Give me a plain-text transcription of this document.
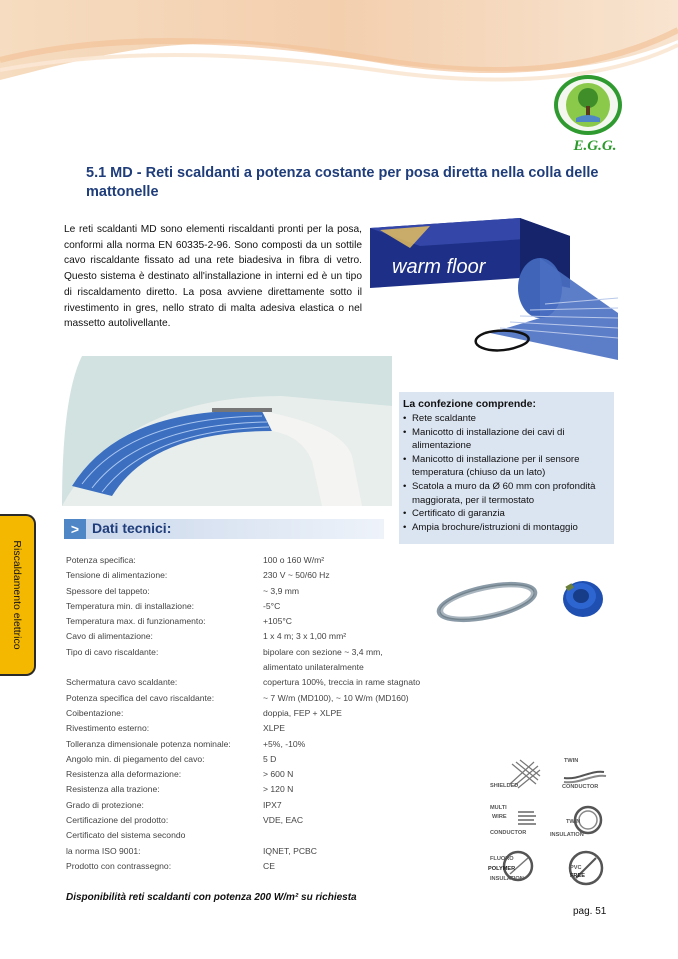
E.G.G.
5.1 MD - Reti scaldanti a potenza costante per posa diretta nella colla delle mattonelle
Le reti scaldanti MD sono elementi riscaldanti pronti per la posa, conformi alla norma EN 60335-2-96. Sono composti da un sottile cavo riscaldante fissato ad una rete biadesiva in fibra di vetro. Questo sistema è destinato all'installazione in interni ed è un tipo di riscaldamento diretto. La posa avviene direttamente sotto il rivestimento in gres, nello strato di malta adesiva elastica o nel massetto autolivellante.
warm floor
La confezione comprende:
• Rete scaldante
• Manicotto di installazione dei cavi di alimentazione
• Manicotto di installazione per il sensore temperatura (chiuso da un lato)
• Scatola a muro da Ø 60 mm con profondità maggiorata, per il termostato
• Certificato di garanzia
• Ampia brochure/istruzioni di montaggio
Riscaldamento elettrico
> Dati tecnici:
Potenza specifica:	100 o 160 W/m²
Tensione di alimentazione:	230 V ~ 50/60 Hz
Spessore del tappeto:	~ 3,9 mm
Temperatura min. di installazione:	-5°C
Temperatura max. di funzionamento:	+105°C
Cavo di alimentazione:	1 x 4 m; 3 x 1,00 mm²
Tipo di cavo riscaldante:	bipolare con sezione ~ 3,4 mm,
alimentato unilateralmente
Schermatura cavo scaldante:	copertura 100%, treccia in rame stagnato
Potenza specifica del cavo riscaldante:	~ 7 W/m (MD100), ~ 10 W/m (MD160)
Coibentazione:	doppia, FEP + XLPE
Rivestimento esterno:	XLPE
Tolleranza dimensionale potenza nominale:	+5%, -10%
Angolo min. di piegamento del cavo:	5 D
Resistenza alla deformazione:	> 600 N
Resistenza alla trazione:	> 120 N
Grado di protezione:	IPX7
Certificazione del prodotto:	VDE, EAC
Certificato del sistema secondo
la norma ISO 9001:	IQNET, PCBC
Prodotto con contrassegno:	CE
SHIELDED
TWIN
CONDUCTOR
MULTI
WIRE
CONDUCTOR
TWIN
INSULATION
FLUORO
POLYMER
INSULATION
PVC
FREE
Disponibilità reti scaldanti con potenza 200 W/m² su richiesta
pag. 51
